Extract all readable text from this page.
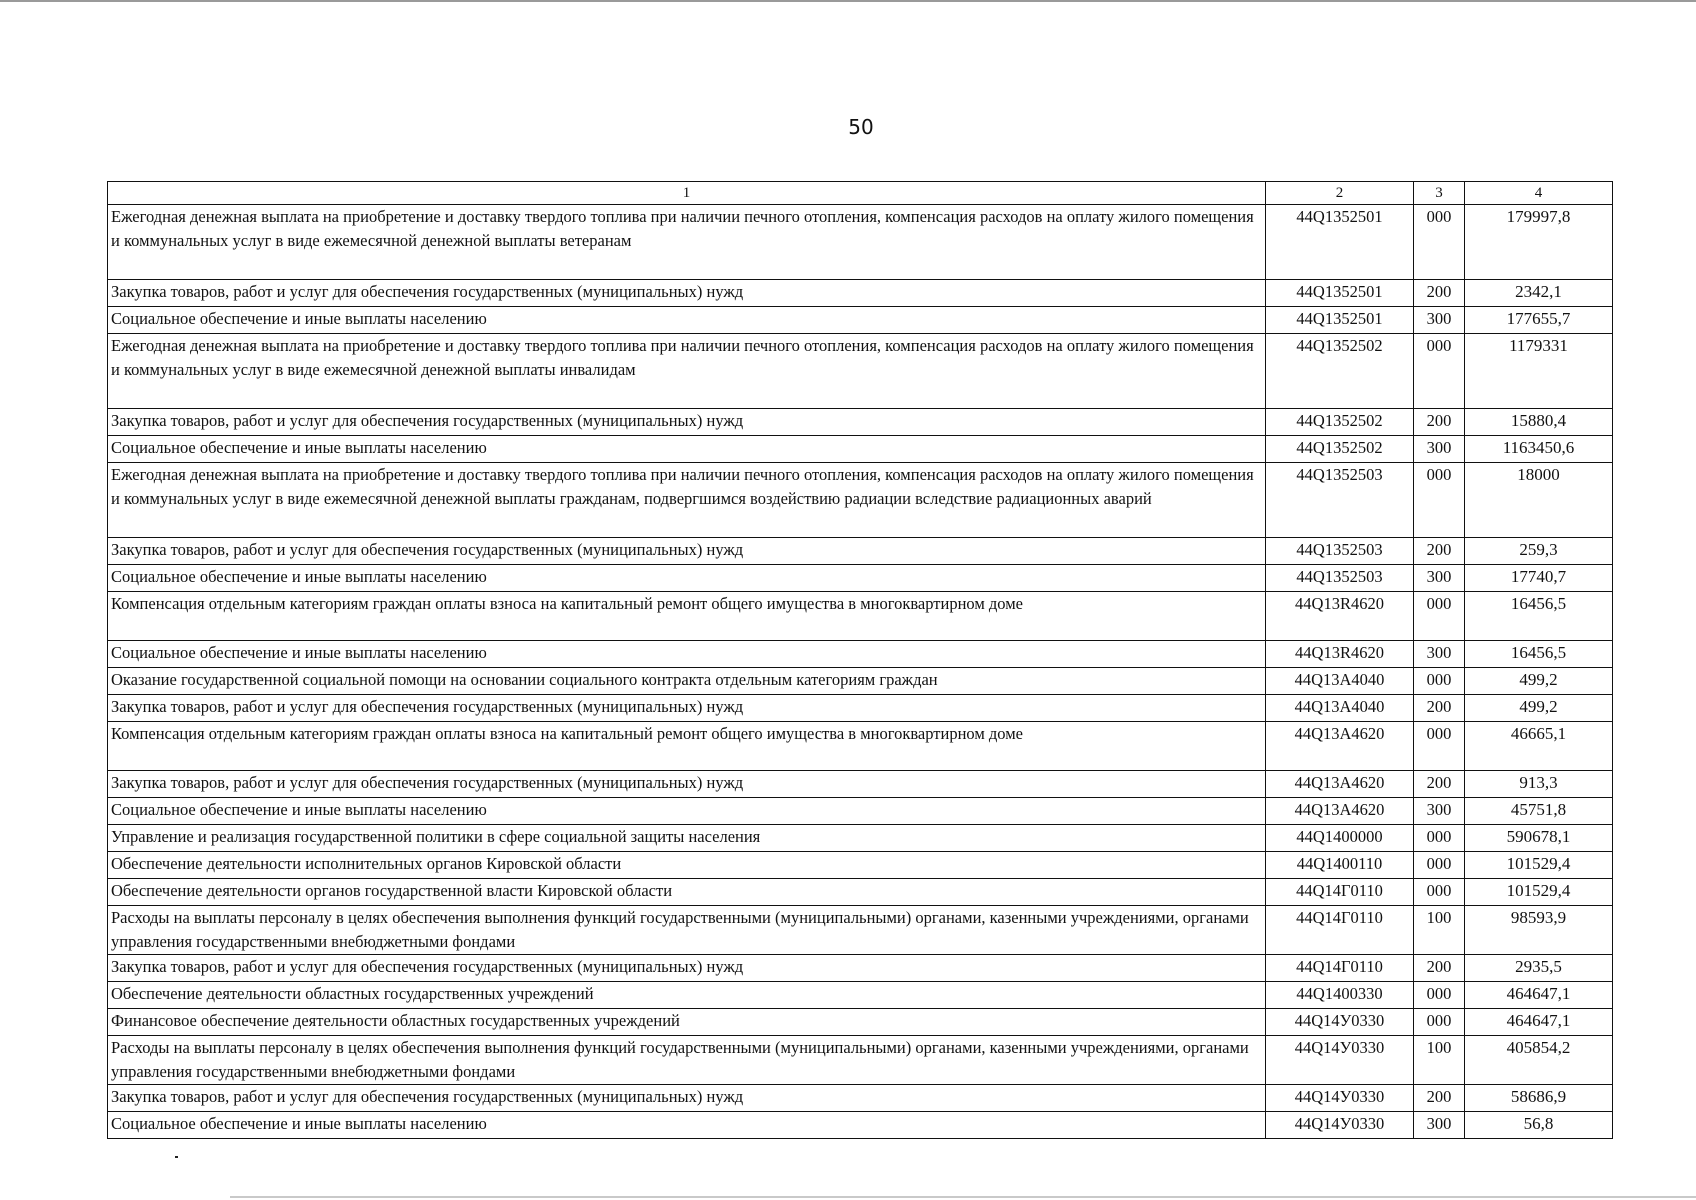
50
1	2	3	4
Ежегодная денежная выплата на приобретение и доставку твердого топлива при наличии печного отопления, компенсация расходов на оплату жилого помещения и коммунальных услуг в виде ежемесячной денежной выплаты ветеранам	44Q1352501	000	179997,8
Закупка товаров, работ и услуг для обеспечения государственных (муниципальных) нужд	44Q1352501	200	2342,1
Социальное обеспечение и иные выплаты населению	44Q1352501	300	177655,7
Ежегодная денежная выплата на приобретение и доставку твердого топлива при наличии печного отопления, компенсация расходов на оплату жилого помещения и коммунальных услуг в виде ежемесячной денежной выплаты инвалидам	44Q1352502	000	1179331
Закупка товаров, работ и услуг для обеспечения государственных (муниципальных) нужд	44Q1352502	200	15880,4
Социальное обеспечение и иные выплаты населению	44Q1352502	300	1163450,6
Ежегодная денежная выплата на приобретение и доставку твердого топлива при наличии печного отопления, компенсация расходов на оплату жилого помещения и коммунальных услуг в виде ежемесячной денежной выплаты гражданам, подвергшимся воздействию радиации вследствие радиационных аварий	44Q1352503	000	18000
Закупка товаров, работ и услуг для обеспечения государственных (муниципальных) нужд	44Q1352503	200	259,3
Социальное обеспечение и иные выплаты населению	44Q1352503	300	17740,7
Компенсация отдельным категориям граждан оплаты взноса на капитальный ремонт общего имущества в многоквартирном доме	44Q13R4620	000	16456,5
Социальное обеспечение и иные выплаты населению	44Q13R4620	300	16456,5
Оказание государственной социальной помощи на основании социального контракта отдельным категориям граждан	44Q13А4040	000	499,2
Закупка товаров, работ и услуг для обеспечения государственных (муниципальных) нужд	44Q13А4040	200	499,2
Компенсация отдельным категориям граждан оплаты взноса на капитальный ремонт общего имущества в многоквартирном доме	44Q13А4620	000	46665,1
Закупка товаров, работ и услуг для обеспечения государственных (муниципальных) нужд	44Q13А4620	200	913,3
Социальное обеспечение и иные выплаты населению	44Q13А4620	300	45751,8
Управление и реализация государственной политики в сфере социальной защиты населения	44Q1400000	000	590678,1
Обеспечение деятельности исполнительных органов Кировской области	44Q1400110	000	101529,4
Обеспечение деятельности органов государственной власти Кировской области	44Q14Г0110	000	101529,4
Расходы на выплаты персоналу в целях обеспечения выполнения функций государственными (муниципальными) органами, казенными учреждениями, органами управления государственными внебюджетными фондами	44Q14Г0110	100	98593,9
Закупка товаров, работ и услуг для обеспечения государственных (муниципальных) нужд	44Q14Г0110	200	2935,5
Обеспечение деятельности областных государственных учреждений	44Q1400330	000	464647,1
Финансовое обеспечение деятельности областных государственных учреждений	44Q14У0330	000	464647,1
Расходы на выплаты персоналу в целях обеспечения выполнения функций государственными (муниципальными) органами, казенными учреждениями, органами управления государственными внебюджетными фондами	44Q14У0330	100	405854,2
Закупка товаров, работ и услуг для обеспечения государственных (муниципальных) нужд	44Q14У0330	200	58686,9
Социальное обеспечение и иные выплаты населению	44Q14У0330	300	56,8
